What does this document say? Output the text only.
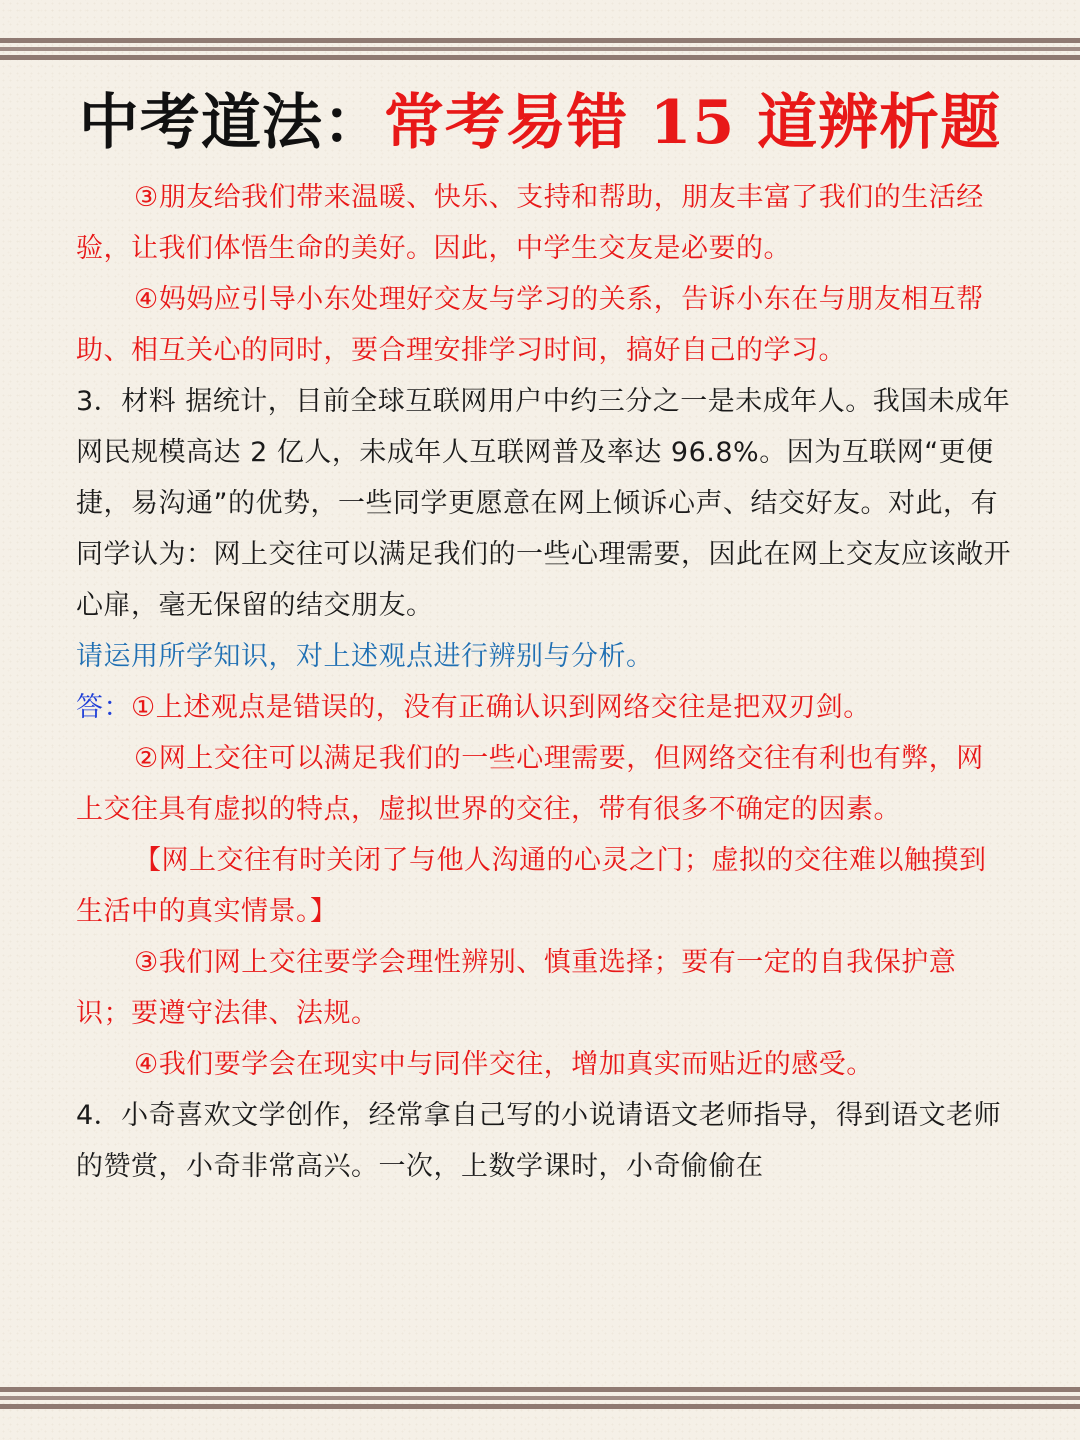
中考道法：常考易错 15 道辨析题

③朋友给我们带来温暖、快乐、支持和帮助，朋友丰富了我们的生活经验，让我们体悟生命的美好。因此，中学生交友是必要的。

④妈妈应引导小东处理好交友与学习的关系，告诉小东在与朋友相互帮助、相互关心的同时，要合理安排学习时间，搞好自己的学习。

3．材料 据统计，目前全球互联网用户中约三分之一是未成年人。我国未成年网民规模高达 2 亿人，未成年人互联网普及率达 96.8%。因为互联网“更便捷，易沟通”的优势，一些同学更愿意在网上倾诉心声、结交好友。对此，有同学认为：网上交往可以满足我们的一些心理需要，因此在网上交友应该敞开心扉，毫无保留的结交朋友。

请运用所学知识，对上述观点进行辨别与分析。

答：①上述观点是错误的，没有正确认识到网络交往是把双刃剑。

②网上交往可以满足我们的一些心理需要，但网络交往有利也有弊，网上交往具有虚拟的特点，虚拟世界的交往，带有很多不确定的因素。

【网上交往有时关闭了与他人沟通的心灵之门；虚拟的交往难以触摸到生活中的真实情景。】

③我们网上交往要学会理性辨别、慎重选择；要有一定的自我保护意识；要遵守法律、法规。

④我们要学会在现实中与同伴交往，增加真实而贴近的感受。

4．小奇喜欢文学创作，经常拿自己写的小说请语文老师指导，得到语文老师的赞赏，小奇非常高兴。一次，上数学课时，小奇偷偷在
